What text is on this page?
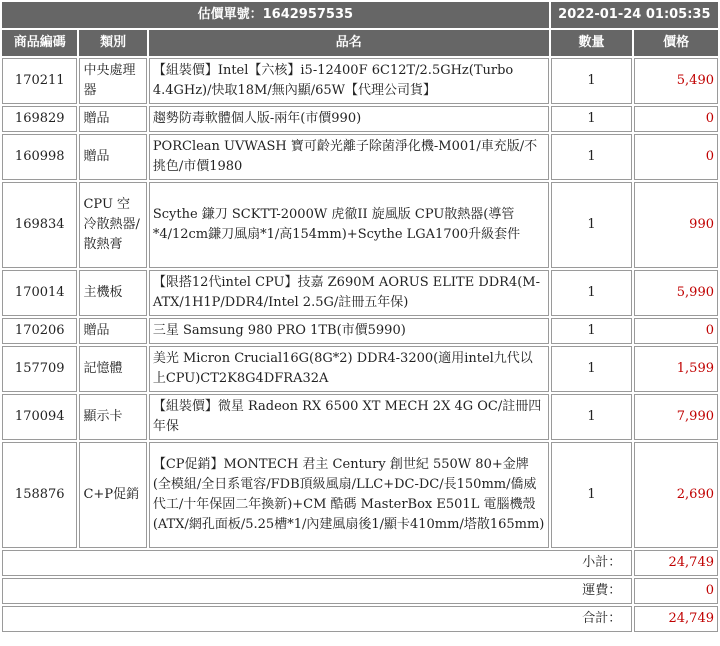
估價單號：1642957535			2022-01-24 01:05:35	
商品編碼	類別	品名	數量	價格
170211	中央處理器	【組裝價】Intel【六核】i5-12400F 6C12T/2.5GHz(Turbo 4.4GHz)/快取18M/無內顯/65W【代理公司貨】	1	5,490
169829	贈品	趨勢防毒軟體個人版-兩年(市價990)	1	0
160998	贈品	PORClean UVWASH 寶可齡光離子除菌淨化機-M001/車充版/不挑色/市價1980	1	0
169834	CPU 空冷散熱器/散熱膏	Scythe 鎌刀 SCKTT-2000W 虎徹II 旋風版 CPU散熱器(導管*4/12cm鎌刀風扇*1/高154mm)+Scythe LGA1700升級套件	1	990
170014	主機板	【限搭12代intel CPU】技嘉 Z690M AORUS ELITE DDR4(M-ATX/1H1P/DDR4/Intel 2.5G/註冊五年保)	1	5,990
170206	贈品	三星 Samsung 980 PRO 1TB(市價5990)	1	0
157709	記憶體	美光 Micron Crucial16G(8G*2) DDR4-3200(適用intel九代以上CPU)CT2K8G4DFRA32A	1	1,599
170094	顯示卡	【組裝價】微星 Radeon RX 6500 XT MECH 2X 4G OC/註冊四年保	1	7,990
158876	C+P促銷	【CP促銷】MONTECH 君主 Century 創世紀 550W 80+金牌 (全模組/全日系電容/FDB頂級風扇/LLC+DC-DC/長150mm/僑威代工/十年保固二年換新)+CM 酷碼 MasterBox E501L 電腦機殼 (ATX/網孔面板/5.25槽*1/內建風扇後1/顯卡410mm/塔散165mm)	1	2,690
小計：				24,749
運費：				0
合計：				24,749
